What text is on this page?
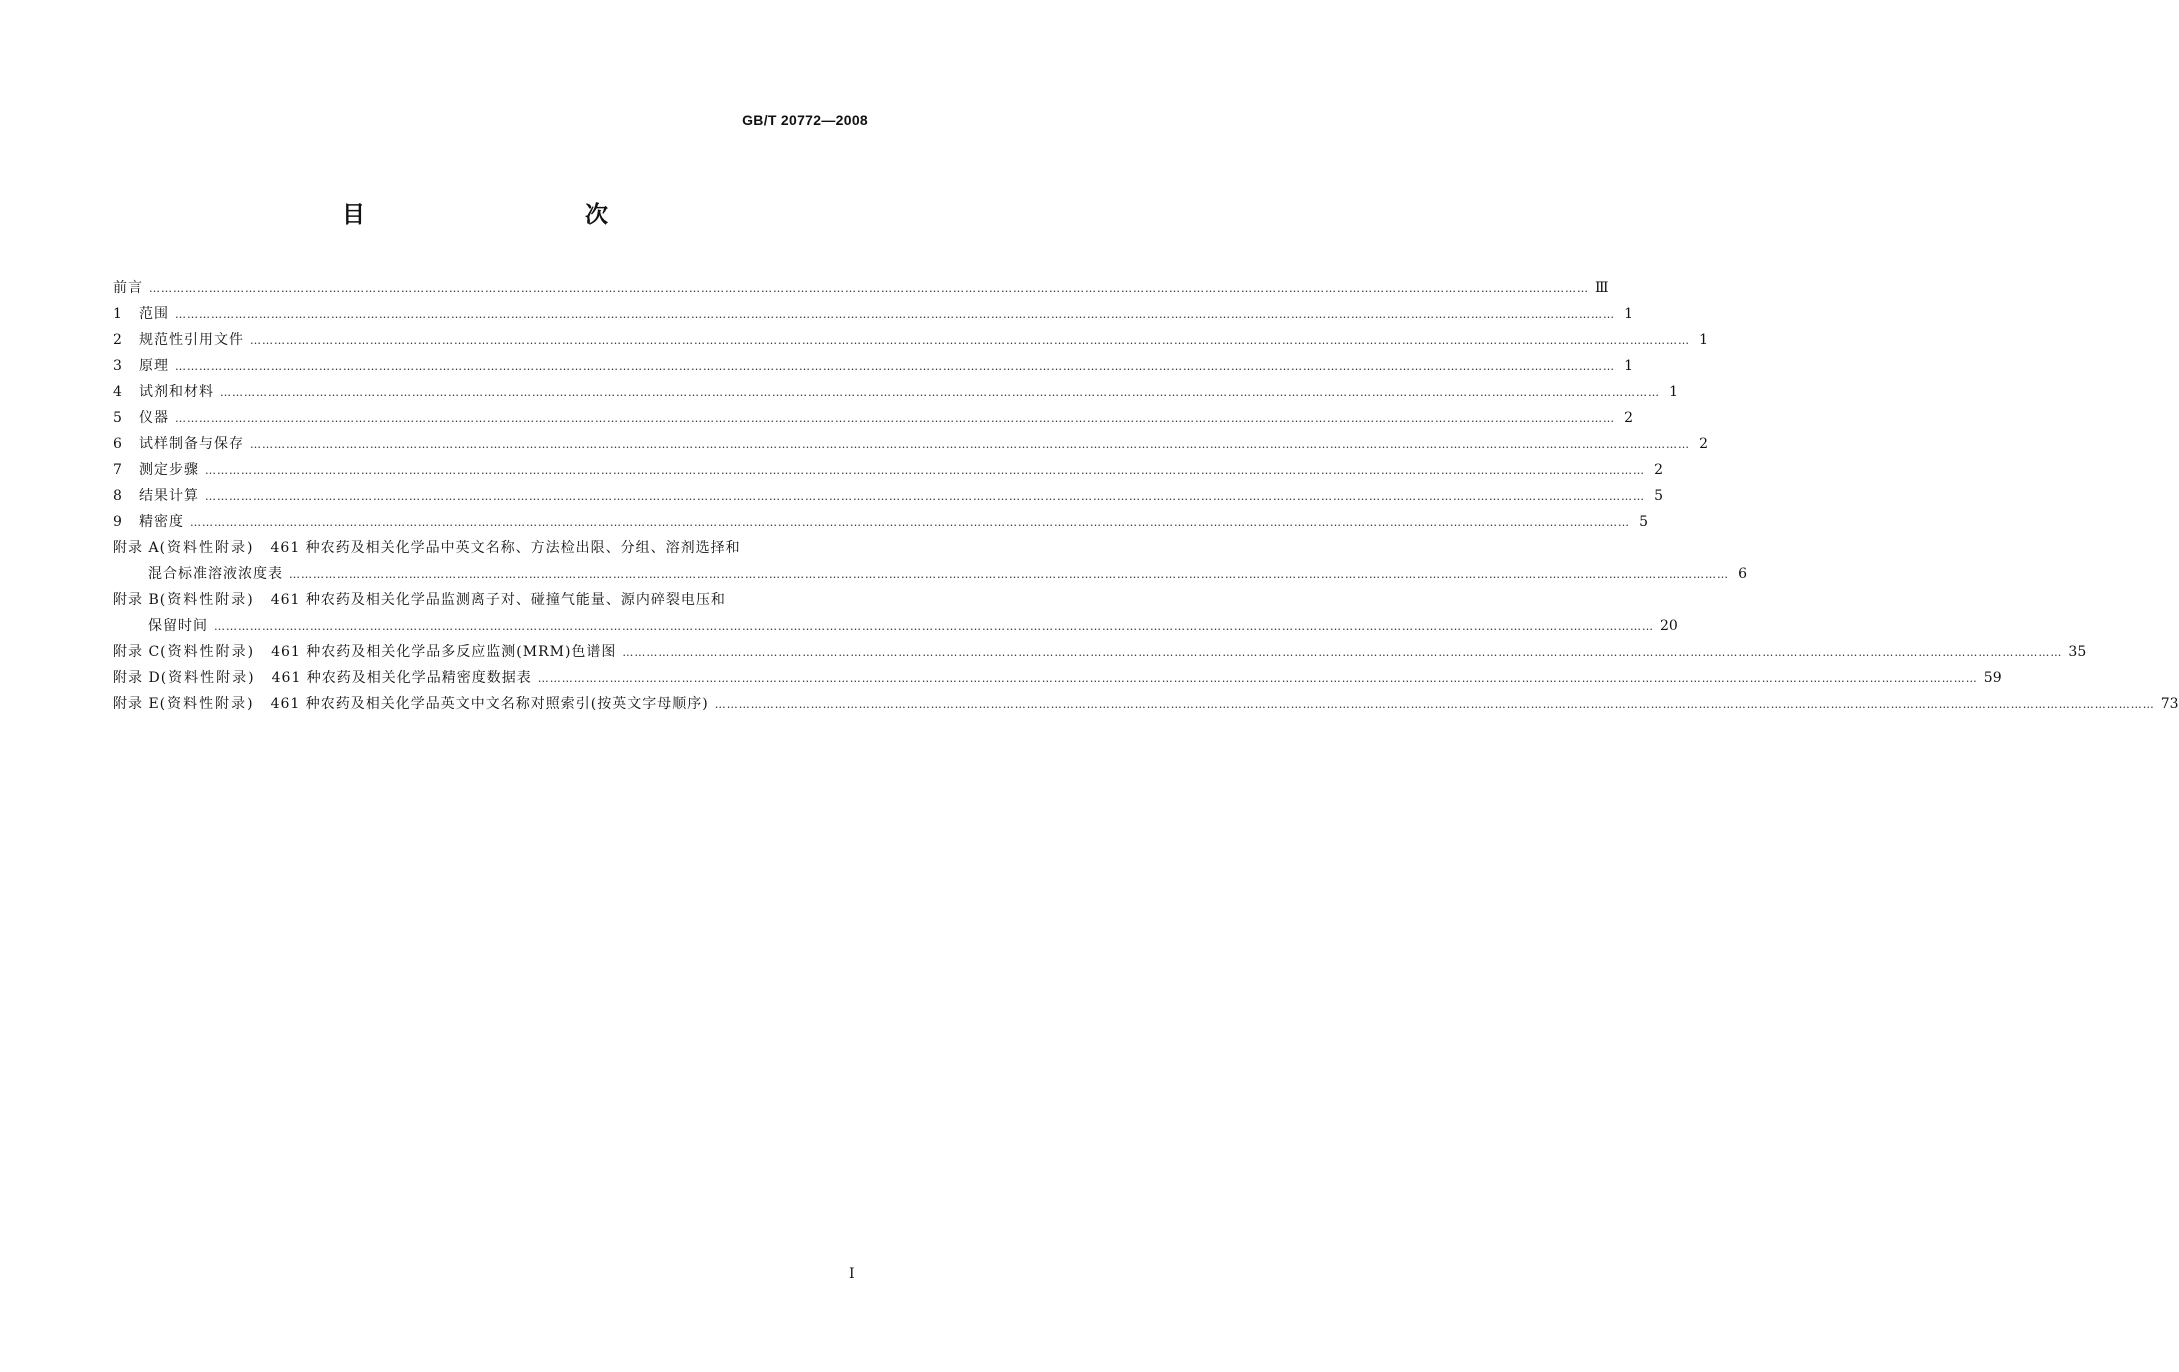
GB/T 20772—2008
目　　次
前言 ……………………………………………………………………………………………………………………………………………………………………………………………………………………………………………………………………………………………………………………………… Ⅲ
1	范围 ……………………………………………………………………………………………………………………………………………………………………………………………………………………………………………………………………………………………………………………………… 1
2	规范性引用文件 ……………………………………………………………………………………………………………………………………………………………………………………………………………………………………………………………………………………………………………………………… 1
3	原理 ……………………………………………………………………………………………………………………………………………………………………………………………………………………………………………………………………………………………………………………………… 1
4	试剂和材料 ……………………………………………………………………………………………………………………………………………………………………………………………………………………………………………………………………………………………………………………………… 1
5	仪器 ……………………………………………………………………………………………………………………………………………………………………………………………………………………………………………………………………………………………………………………………… 2
6	试样制备与保存 ……………………………………………………………………………………………………………………………………………………………………………………………………………………………………………………………………………………………………………………………… 2
7	测定步骤 ……………………………………………………………………………………………………………………………………………………………………………………………………………………………………………………………………………………………………………………………… 2
8	结果计算 ……………………………………………………………………………………………………………………………………………………………………………………………………………………………………………………………………………………………………………………………… 5
9	精密度 ……………………………………………………………………………………………………………………………………………………………………………………………………………………………………………………………………………………………………………………………… 5
附录 A (资料性附录) 461 种农药及相关化学品中英文名称、方法检出限、分组、溶剂选择和
混合标准溶液浓度表 ……………………………………………………………………………………………………………………………………………………………………………………………………………………………………………………………………………………………………………………………… 6
附录 B (资料性附录) 461 种农药及相关化学品监测离子对、碰撞气能量、源内碎裂电压和
保留时间 ……………………………………………………………………………………………………………………………………………………………………………………………………………………………………………………………………………………………………………………………… 20
附录 C (资料性附录) 461 种农药及相关化学品多反应监测(MRM)色谱图 ……………………………………………………………………………………………………………………………………………………………………………………………………………………………………………………………………………………………………………………………… 35
附录 D (资料性附录) 461 种农药及相关化学品精密度数据表 ……………………………………………………………………………………………………………………………………………………………………………………………………………………………………………………………………………………………………………………………… 59
附录 E (资料性附录) 461 种农药及相关化学品英文中文名称对照索引(按英文字母顺序) ……………………………………………………………………………………………………………………………………………………………………………………………………………………………………………………………………………………………………………………………… 73
Ⅰ
